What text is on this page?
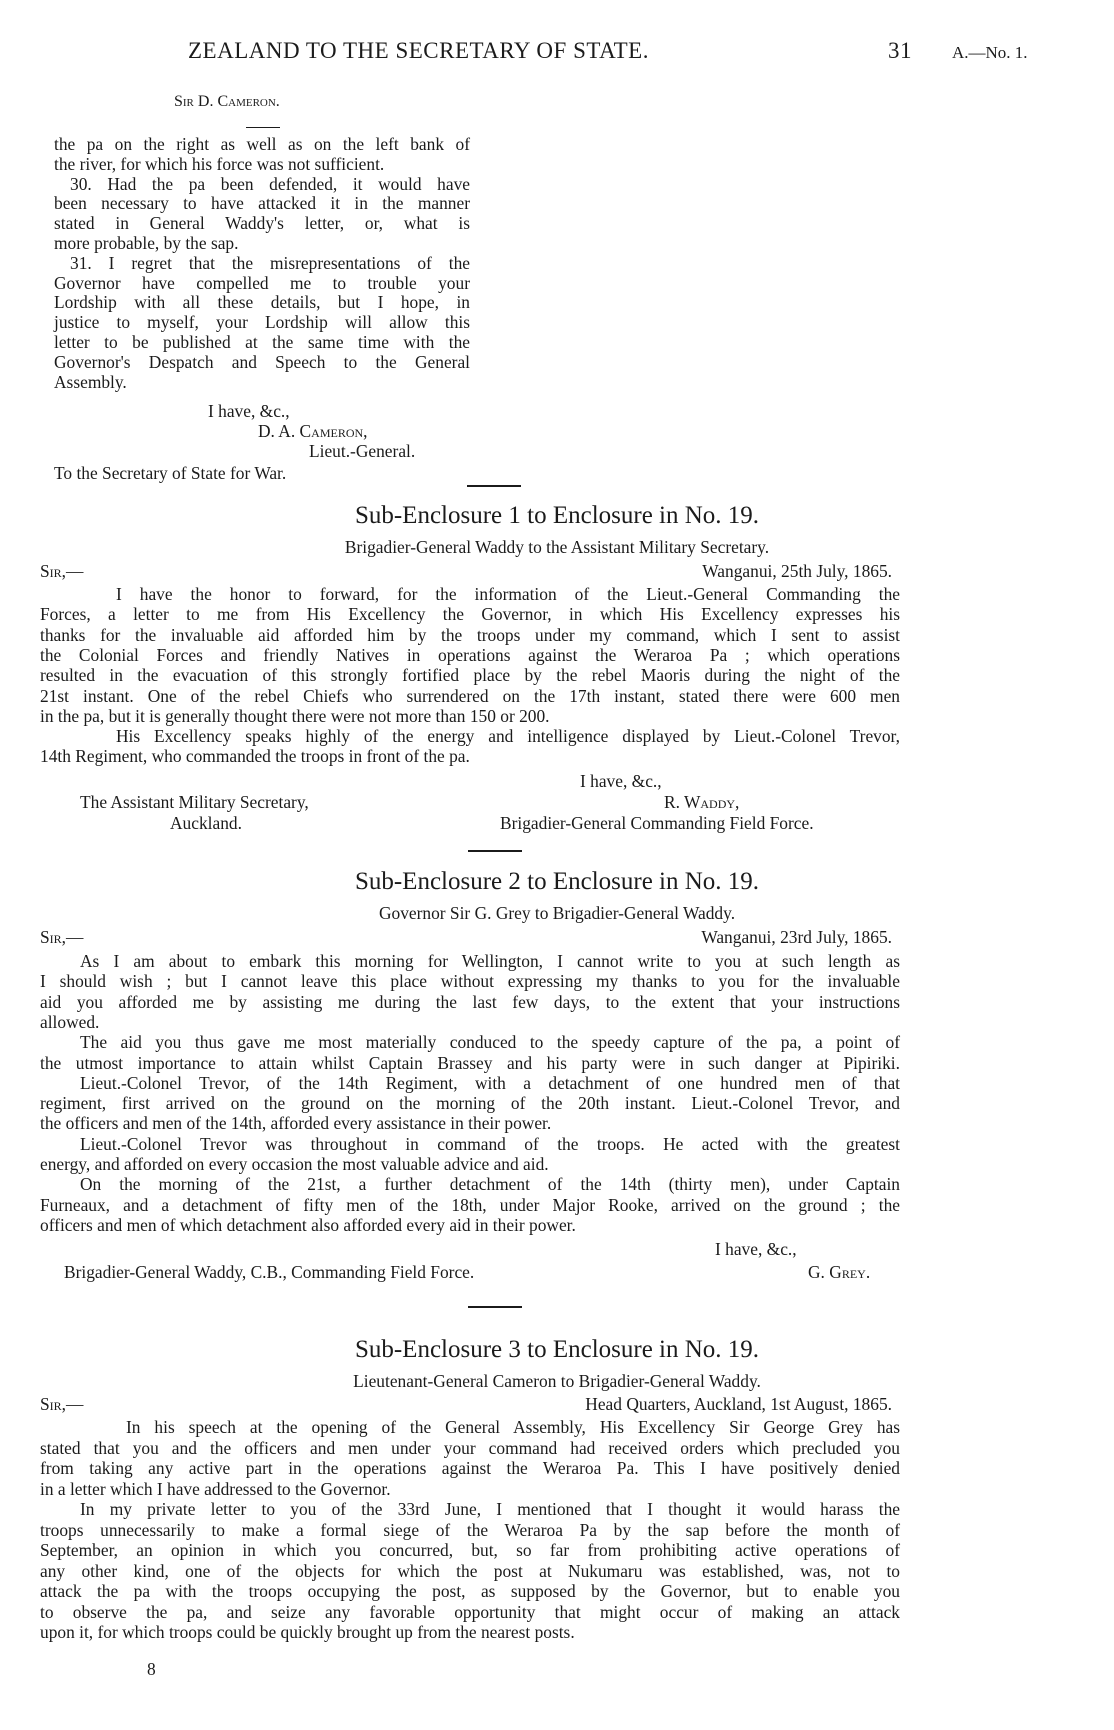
ZEALAND TO THE SECRETARY OF STATE.	31 A.—No. 1.
Sir D. Cameron.
the pa on the right as well as on the left bank of
the river, for which his force was not sufficient.
30. Had the pa been defended, it would have
been necessary to have attacked it in the manner
stated in General Waddy's letter, or, what is
more probable, by the sap.
31. I regret that the misrepresentations of the
Governor have compelled me to trouble your
Lordship with all these details, but I hope, in
justice to myself, your Lordship will allow this
letter to be published at the same time with the
Governor's Despatch and Speech to the General
Assembly.
I have, &c.,
D. A. Cameron,
Lieut.-General.
To the Secretary of State for War.
Sub-Enclosure 1 to Enclosure in No. 19.
Brigadier-General Waddy to the Assistant Military Secretary.
Sir,—	Wanganui, 25th July, 1865.
I have the honor to forward, for the information of the Lieut.-General Commanding the
Forces, a letter to me from His Excellency the Governor, in which His Excellency expresses his
thanks for the invaluable aid afforded him by the troops under my command, which I sent to assist
the Colonial Forces and friendly Natives in operations against the Weraroa Pa ; which operations
resulted in the evacuation of this strongly fortified place by the rebel Maoris during the night of the
21st instant. One of the rebel Chiefs who surrendered on the 17th instant, stated there were 600 men
in the pa, but it is generally thought there were not more than 150 or 200.
His Excellency speaks highly of the energy and intelligence displayed by Lieut.-Colonel Trevor,
14th Regiment, who commanded the troops in front of the pa.
I have, &c.,
The Assistant Military Secretary,
Auckland.
R. Waddy,
Brigadier-General Commanding Field Force.
Sub-Enclosure 2 to Enclosure in No. 19.
Governor Sir G. Grey to Brigadier-General Waddy.
Sir,—	Wanganui, 23rd July, 1865.
As I am about to embark this morning for Wellington, I cannot write to you at such length as
I should wish ; but I cannot leave this place without expressing my thanks to you for the invaluable
aid you afforded me by assisting me during the last few days, to the extent that your instructions
allowed.
The aid you thus gave me most materially conduced to the speedy capture of the pa, a point of
the utmost importance to attain whilst Captain Brassey and his party were in such danger at Pipiriki.
Lieut.-Colonel Trevor, of the 14th Regiment, with a detachment of one hundred men of that
regiment, first arrived on the ground on the morning of the 20th instant. Lieut.-Colonel Trevor, and
the officers and men of the 14th, afforded every assistance in their power.
Lieut.-Colonel Trevor was throughout in command of the troops. He acted with the greatest
energy, and afforded on every occasion the most valuable advice and aid.
On the morning of the 21st, a further detachment of the 14th (thirty men), under Captain
Furneaux, and a detachment of fifty men of the 18th, under Major Rooke, arrived on the ground ; the
officers and men of which detachment also afforded every aid in their power.
I have, &c.,
Brigadier-General Waddy, C.B., Commanding Field Force.	G. Grey.
Sub-Enclosure 3 to Enclosure in No. 19.
Lieutenant-General Cameron to Brigadier-General Waddy.
Sir,—	Head Quarters, Auckland, 1st August, 1865.
In his speech at the opening of the General Assembly, His Excellency Sir George Grey has
stated that you and the officers and men under your command had received orders which precluded you
from taking any active part in the operations against the Weraroa Pa. This I have positively denied
in a letter which I have addressed to the Governor.
In my private letter to you of the 33rd June, I mentioned that I thought it would harass the
troops unnecessarily to make a formal siege of the Weraroa Pa by the sap before the month of
September, an opinion in which you concurred, but, so far from prohibiting active operations of
any other kind, one of the objects for which the post at Nukumaru was established, was, not to
attack the pa with the troops occupying the post, as supposed by the Governor, but to enable you
to observe the pa, and seize any favorable opportunity that might occur of making an attack
upon it, for which troops could be quickly brought up from the nearest posts.
8
